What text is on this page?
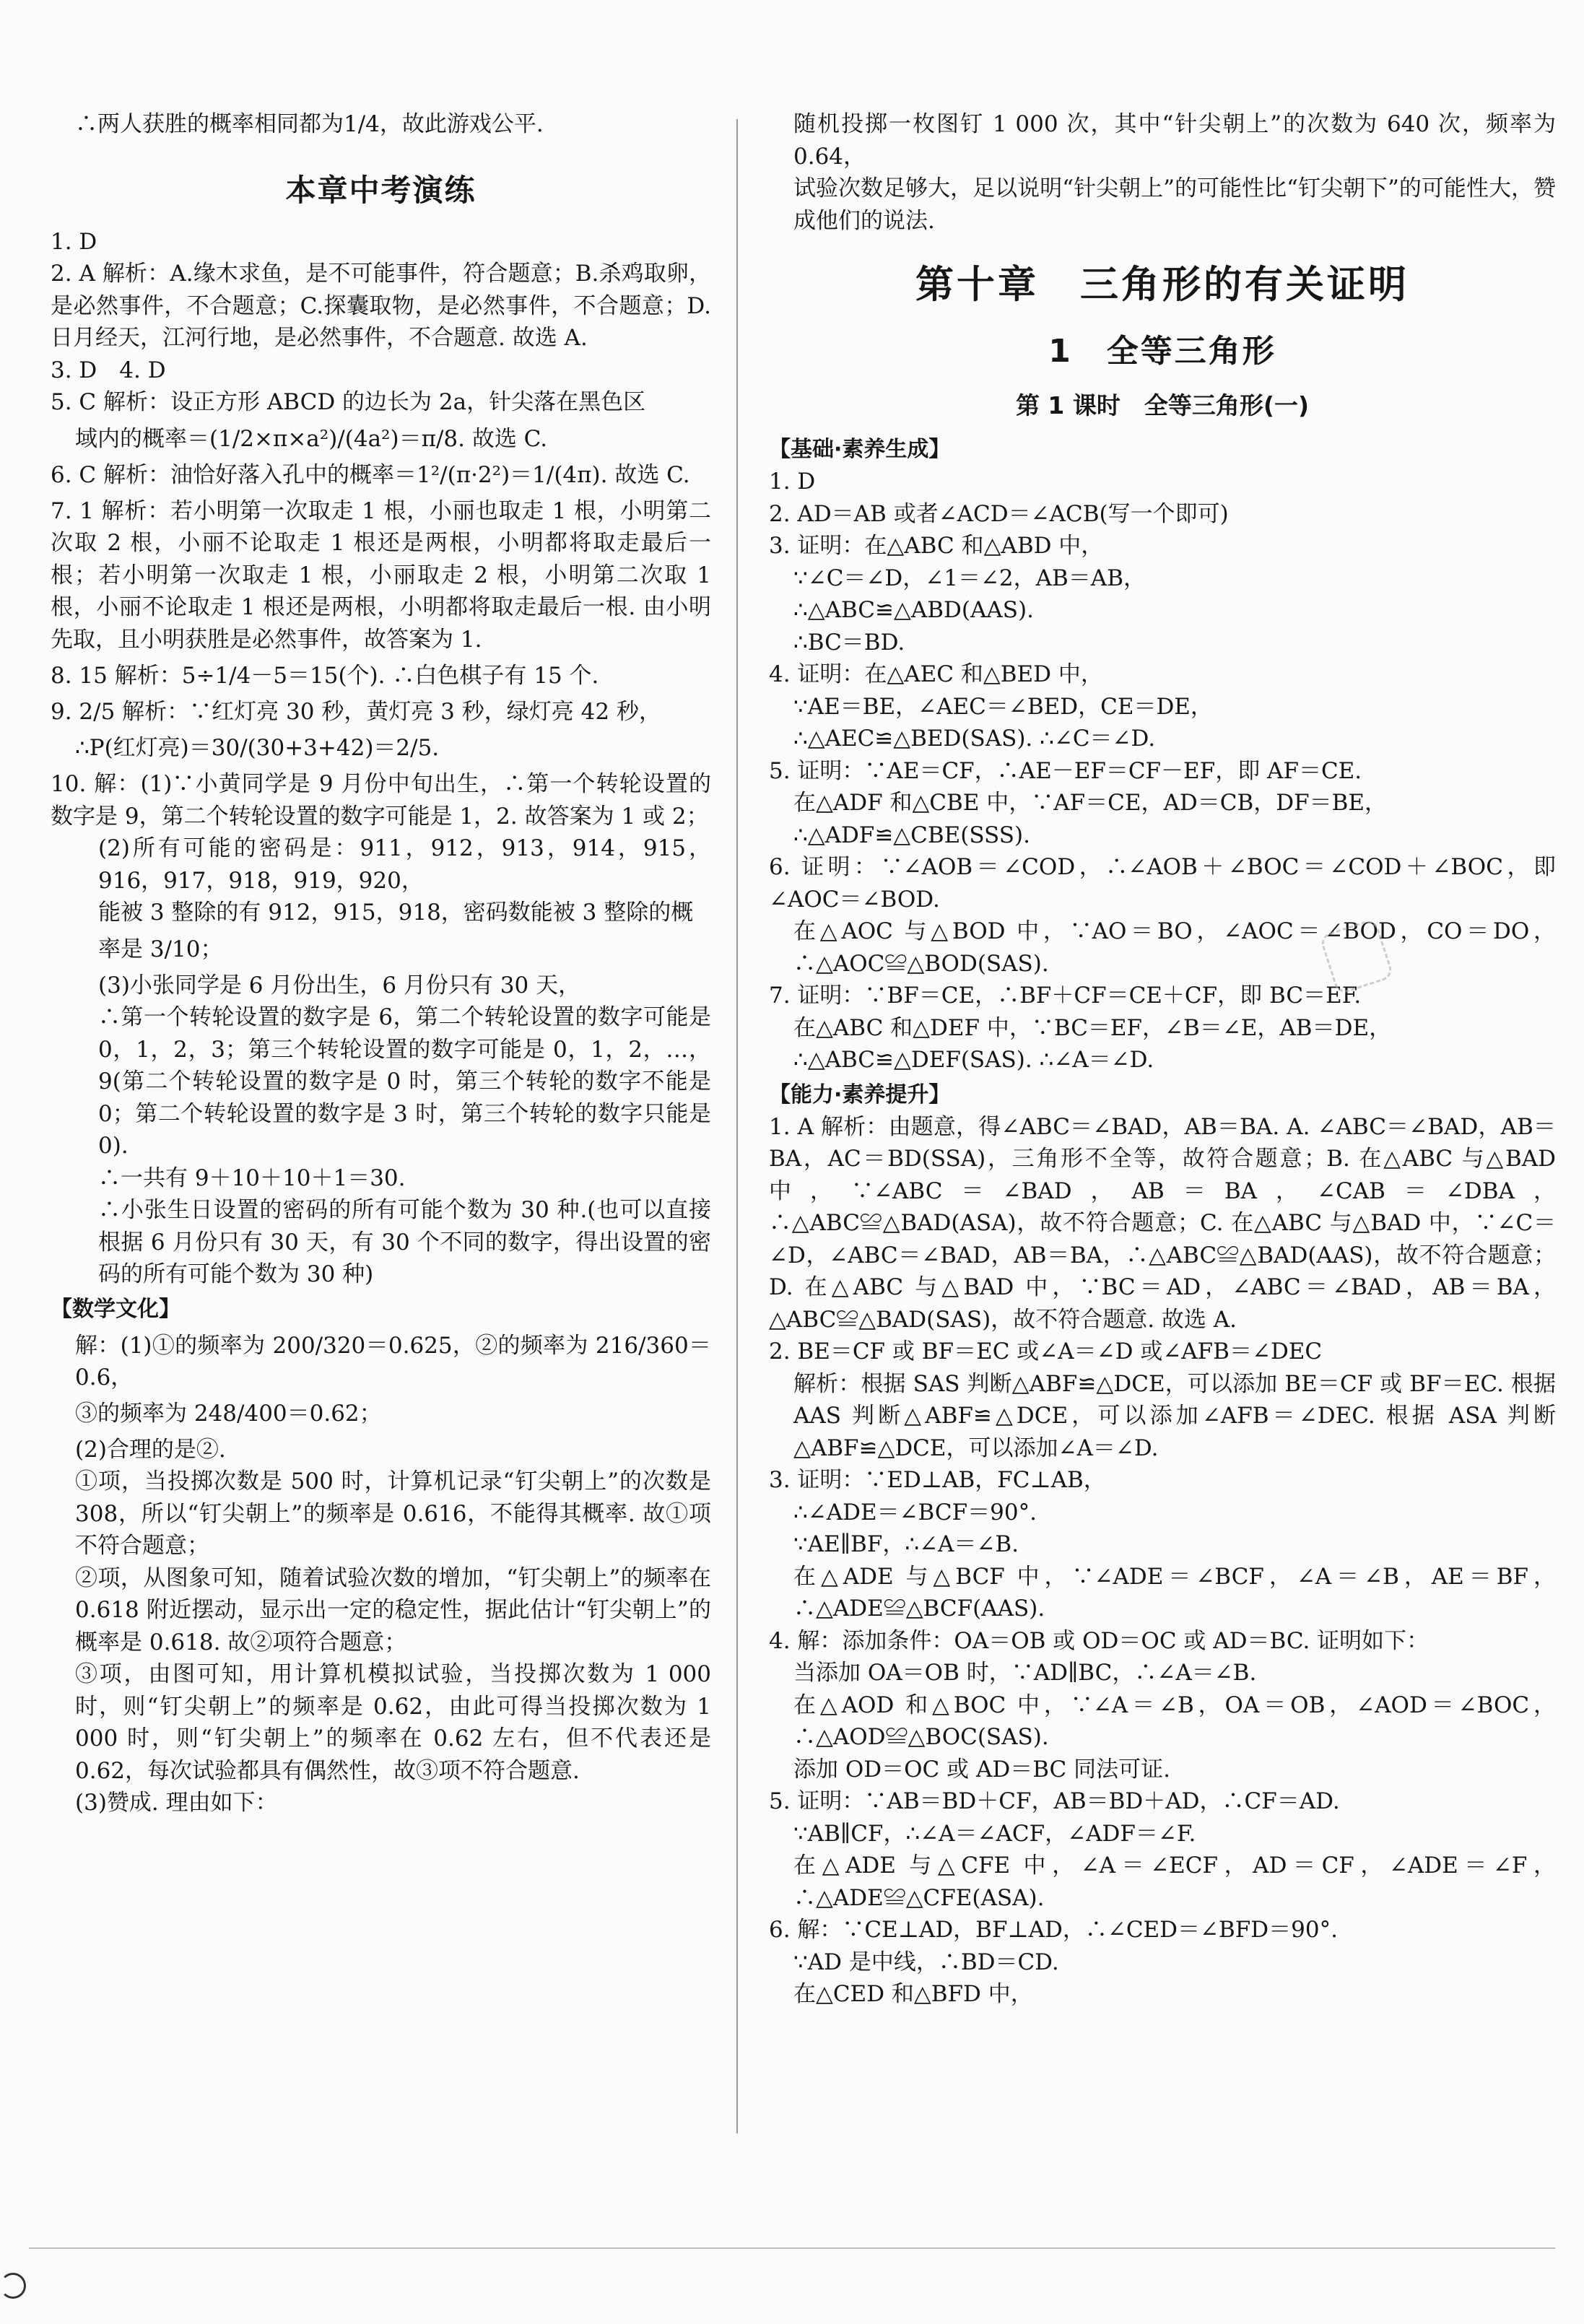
∴两人获胜的概率相同都为1/4，故此游戏公平.

本章中考演练

1. D

2. A 解析：A.缘木求鱼，是不可能事件，符合题意；B.杀鸡取卵，是必然事件，不合题意；C.探囊取物，是必然事件，不合题意；D.日月经天，江河行地，是必然事件，不合题意. 故选 A.

3. D　4. D

5. C 解析：设正方形 ABCD 的边长为 2a，针尖落在黑色区

域内的概率＝(1/2×π×a²)/(4a²)＝π/8. 故选 C.

6. C 解析：油恰好落入孔中的概率＝1²/(π·2²)＝1/(4π). 故选 C.

7. 1 解析：若小明第一次取走 1 根，小丽也取走 1 根，小明第二次取 2 根，小丽不论取走 1 根还是两根，小明都将取走最后一根；若小明第一次取走 1 根，小丽取走 2 根，小明第二次取 1 根，小丽不论取走 1 根还是两根，小明都将取走最后一根. 由小明先取，且小明获胜是必然事件，故答案为 1.

8. 15 解析：5÷1/4－5＝15(个). ∴白色棋子有 15 个.

9. 2/5 解析：∵红灯亮 30 秒，黄灯亮 3 秒，绿灯亮 42 秒，

∴P(红灯亮)＝30/(30+3+42)＝2/5.

10. 解：(1)∵小黄同学是 9 月份中旬出生，∴第一个转轮设置的数字是 9，第二个转轮设置的数字可能是 1，2. 故答案为 1 或 2；

(2)所有可能的密码是：911，912，913，914，915，916，917，918，919，920，

能被 3 整除的有 912，915，918，密码数能被 3 整除的概

率是 3/10；

(3)小张同学是 6 月份出生，6 月份只有 30 天，

∴第一个转轮设置的数字是 6，第二个转轮设置的数字可能是 0，1，2，3；第三个转轮设置的数字可能是 0，1，2，…，9(第二个转轮设置的数字是 0 时，第三个转轮的数字不能是 0；第二个转轮设置的数字是 3 时，第三个转轮的数字只能是 0).

∴一共有 9＋10＋10＋1＝30.

∴小张生日设置的密码的所有可能个数为 30 种.(也可以直接根据 6 月份只有 30 天，有 30 个不同的数字，得出设置的密码的所有可能个数为 30 种)

【数学文化】

解：(1)①的频率为 200/320＝0.625，②的频率为 216/360＝0.6，

③的频率为 248/400＝0.62；

(2)合理的是②.

①项，当投掷次数是 500 时，计算机记录“钉尖朝上”的次数是 308，所以“钉尖朝上”的频率是 0.616，不能得其概率. 故①项不符合题意；

②项，从图象可知，随着试验次数的增加，“钉尖朝上”的频率在 0.618 附近摆动，显示出一定的稳定性，据此估计“钉尖朝上”的概率是 0.618. 故②项符合题意；

③项，由图可知，用计算机模拟试验，当投掷次数为 1 000 时，则“钉尖朝上”的频率是 0.62，由此可得当投掷次数为 1 000 时，则“钉尖朝上”的频率在 0.62 左右，但不代表还是 0.62，每次试验都具有偶然性，故③项不符合题意.

(3)赞成. 理由如下：

随机投掷一枚图钉 1 000 次，其中“针尖朝上”的次数为 640 次，频率为 0.64，

试验次数足够大，足以说明“针尖朝上”的可能性比“钉尖朝下”的可能性大，赞成他们的说法.

第十章　三角形的有关证明
1　全等三角形
第 1 课时　全等三角形(一)

【基础·素养生成】

1. D

2. AD＝AB 或者∠ACD＝∠ACB(写一个即可)

3. 证明：在△ABC 和△ABD 中，

∵∠C＝∠D，∠1＝∠2，AB＝AB，

∴△ABC≌△ABD(AAS).

∴BC＝BD.

4. 证明：在△AEC 和△BED 中，

∵AE＝BE，∠AEC＝∠BED，CE＝DE，

∴△AEC≌△BED(SAS). ∴∠C＝∠D.

5. 证明：∵AE＝CF，∴AE－EF＝CF－EF，即 AF＝CE.

在△ADF 和△CBE 中，∵AF＝CE，AD＝CB，DF＝BE，

∴△ADF≌△CBE(SSS).

6. 证明：∵∠AOB＝∠COD，∴∠AOB＋∠BOC＝∠COD＋∠BOC，即∠AOC＝∠BOD.

在△AOC 与△BOD 中，∵AO＝BO，∠AOC＝∠BOD，CO＝DO，∴△AOC≌△BOD(SAS).

7. 证明：∵BF＝CE，∴BF＋CF＝CE＋CF，即 BC＝EF.

在△ABC 和△DEF 中，∵BC＝EF，∠B＝∠E，AB＝DE，

∴△ABC≌△DEF(SAS). ∴∠A＝∠D.

【能力·素养提升】

1. A 解析：由题意，得∠ABC＝∠BAD，AB＝BA. A. ∠ABC＝∠BAD，AB＝BA，AC＝BD(SSA)，三角形不全等，故符合题意；B. 在△ABC 与△BAD 中，∵∠ABC＝∠BAD，AB＝BA，∠CAB＝∠DBA，∴△ABC≌△BAD(ASA)，故不符合题意；C. 在△ABC 与△BAD 中，∵∠C＝∠D，∠ABC＝∠BAD，AB＝BA，∴△ABC≌△BAD(AAS)，故不符合题意；D. 在△ABC 与△BAD 中，∵BC＝AD，∠ABC＝∠BAD，AB＝BA，△ABC≌△BAD(SAS)，故不符合题意. 故选 A.

2. BE＝CF 或 BF＝EC 或∠A＝∠D 或∠AFB＝∠DEC

解析：根据 SAS 判断△ABF≌△DCE，可以添加 BE＝CF 或 BF＝EC. 根据 AAS 判断△ABF≌△DCE，可以添加∠AFB＝∠DEC. 根据 ASA 判断△ABF≌△DCE，可以添加∠A＝∠D.

3. 证明：∵ED⊥AB，FC⊥AB，

∴∠ADE＝∠BCF＝90°.

∵AE∥BF，∴∠A＝∠B.

在△ADE 与△BCF 中，∵∠ADE＝∠BCF，∠A＝∠B，AE＝BF，∴△ADE≌△BCF(AAS).

4. 解：添加条件：OA＝OB 或 OD＝OC 或 AD＝BC. 证明如下：

当添加 OA＝OB 时，∵AD∥BC，∴∠A＝∠B.

在△AOD 和△BOC 中，∵∠A＝∠B，OA＝OB，∠AOD＝∠BOC，∴△AOD≌△BOC(SAS).

添加 OD＝OC 或 AD＝BC 同法可证.

5. 证明：∵AB＝BD＋CF，AB＝BD＋AD，∴CF＝AD.

∵AB∥CF，∴∠A＝∠ACF，∠ADF＝∠F.

在△ADE 与△CFE 中，∠A＝∠ECF，AD＝CF，∠ADE＝∠F，∴△ADE≌△CFE(ASA).

6. 解：∵CE⊥AD，BF⊥AD，∴∠CED＝∠BFD＝90°.

∵AD 是中线，∴BD＝CD.

在△CED 和△BFD 中，
